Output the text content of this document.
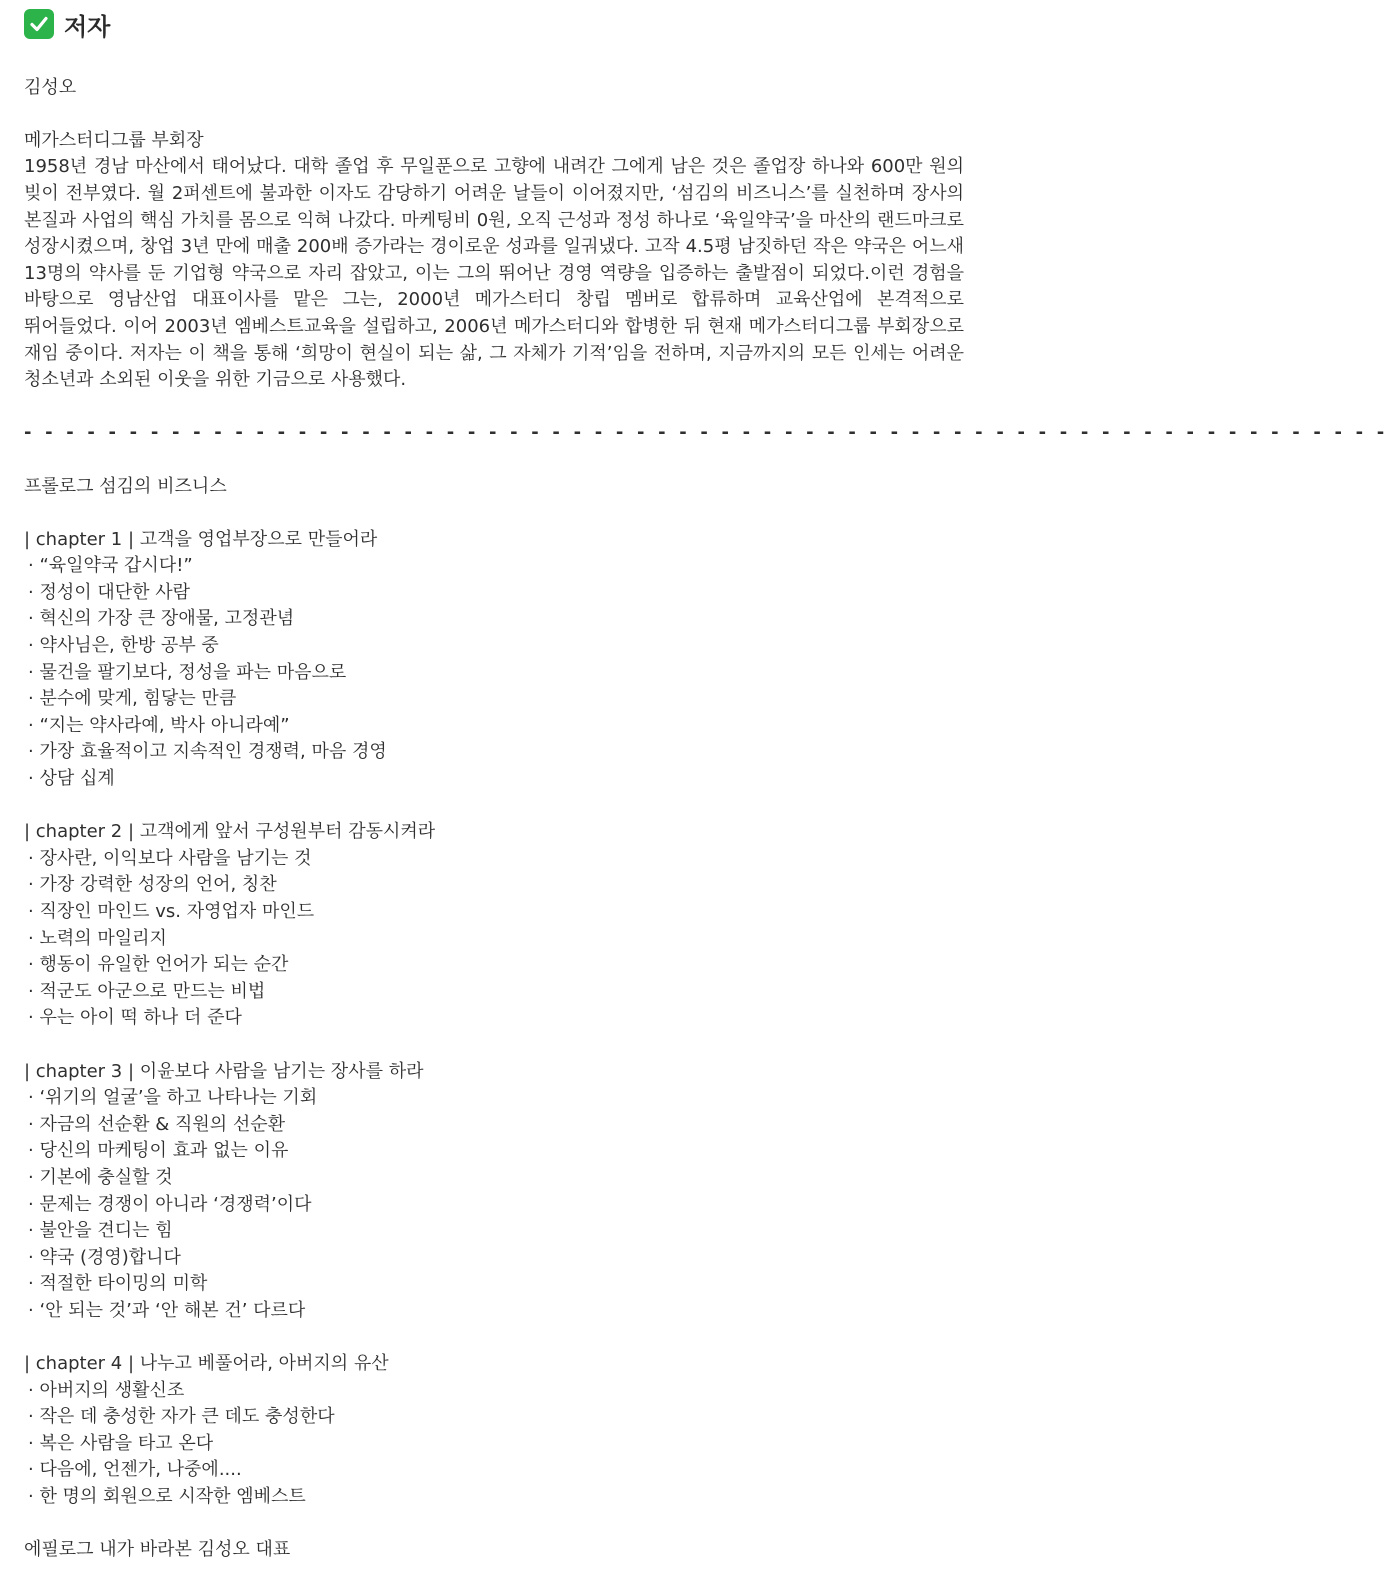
저자
김성오
메가스터디그룹 부회장

1958년 경남 마산에서 태어났다. 대학 졸업 후 무일푼으로 고향에 내려간 그에게 남은 것은 졸업장 하나와 600만 원의 빚이 전부였다. 월 2퍼센트에 불과한 이자도 감당하기 어려운 날들이 이어졌지만, ‘섬김의 비즈니스’를 실천하며 장사의 본질과 사업의 핵심 가치를 몸으로 익혀 나갔다. 마케팅비 0원, 오직 근성과 정성 하나로 ‘육일약국’을 마산의 랜드마크로 성장시켰으며, 창업 3년 만에 매출 200배 증가라는 경이로운 성과를 일궈냈다. 고작 4.5평 남짓하던 작은 약국은 어느새 13명의 약사를 둔 기업형 약국으로 자리 잡았고, 이는 그의 뛰어난 경영 역량을 입증하는 출발점이 되었다.이런 경험을 바탕으로 영남산업 대표이사를 맡은 그는, 2000년 메가스터디 창립 멤버로 합류하며 교육산업에 본격적으로 뛰어들었다. 이어 2003년 엠베스트교육을 설립하고, 2006년 메가스터디와 합병한 뒤 현재 메가스터디그룹 부회장으로 재임 중이다. 저자는 이 책을 통해 ‘희망이 현실이 되는 삶, 그 자체가 기적’임을 전하며, 지금까지의 모든 인세는 어려운 청소년과 소외된 이웃을 위한 기금으로 사용했다.

- - - - - - - - - - - - - - - - - - - - - - - - - - - - - - - - - - - - - - - - - - - - - - - - - - - - - - - - - - - - - - - - -
프롤로그 섬김의 비즈니스
| chapter 1 | 고객을 영업부장으로 만들어라
· “육일약국 갑시다!”
· 정성이 대단한 사람
· 혁신의 가장 큰 장애물, 고정관념
· 약사님은, 한방 공부 중
· 물건을 팔기보다, 정성을 파는 마음으로
· 분수에 맞게, 힘닿는 만큼
· “지는 약사라예, 박사 아니라예”
· 가장 효율적이고 지속적인 경쟁력, 마음 경영
· 상담 십계
| chapter 2 | 고객에게 앞서 구성원부터 감동시켜라
· 장사란, 이익보다 사람을 남기는 것
· 가장 강력한 성장의 언어, 칭찬
· 직장인 마인드 vs. 자영업자 마인드
· 노력의 마일리지
· 행동이 유일한 언어가 되는 순간
· 적군도 아군으로 만드는 비법
· 우는 아이 떡 하나 더 준다
| chapter 3 | 이윤보다 사람을 남기는 장사를 하라
· ‘위기의 얼굴’을 하고 나타나는 기회
· 자금의 선순환 & 직원의 선순환
· 당신의 마케팅이 효과 없는 이유
· 기본에 충실할 것
· 문제는 경쟁이 아니라 ‘경쟁력’이다
· 불안을 견디는 힘
· 약국 (경영)합니다
· 적절한 타이밍의 미학
· ‘안 되는 것’과 ‘안 해본 건’ 다르다
| chapter 4 | 나누고 베풀어라, 아버지의 유산
· 아버지의 생활신조
· 작은 데 충성한 자가 큰 데도 충성한다
· 복은 사람을 타고 온다
· 다음에, 언젠가, 나중에....
· 한 명의 회원으로 시작한 엠베스트
에필로그 내가 바라본 김성오 대표
